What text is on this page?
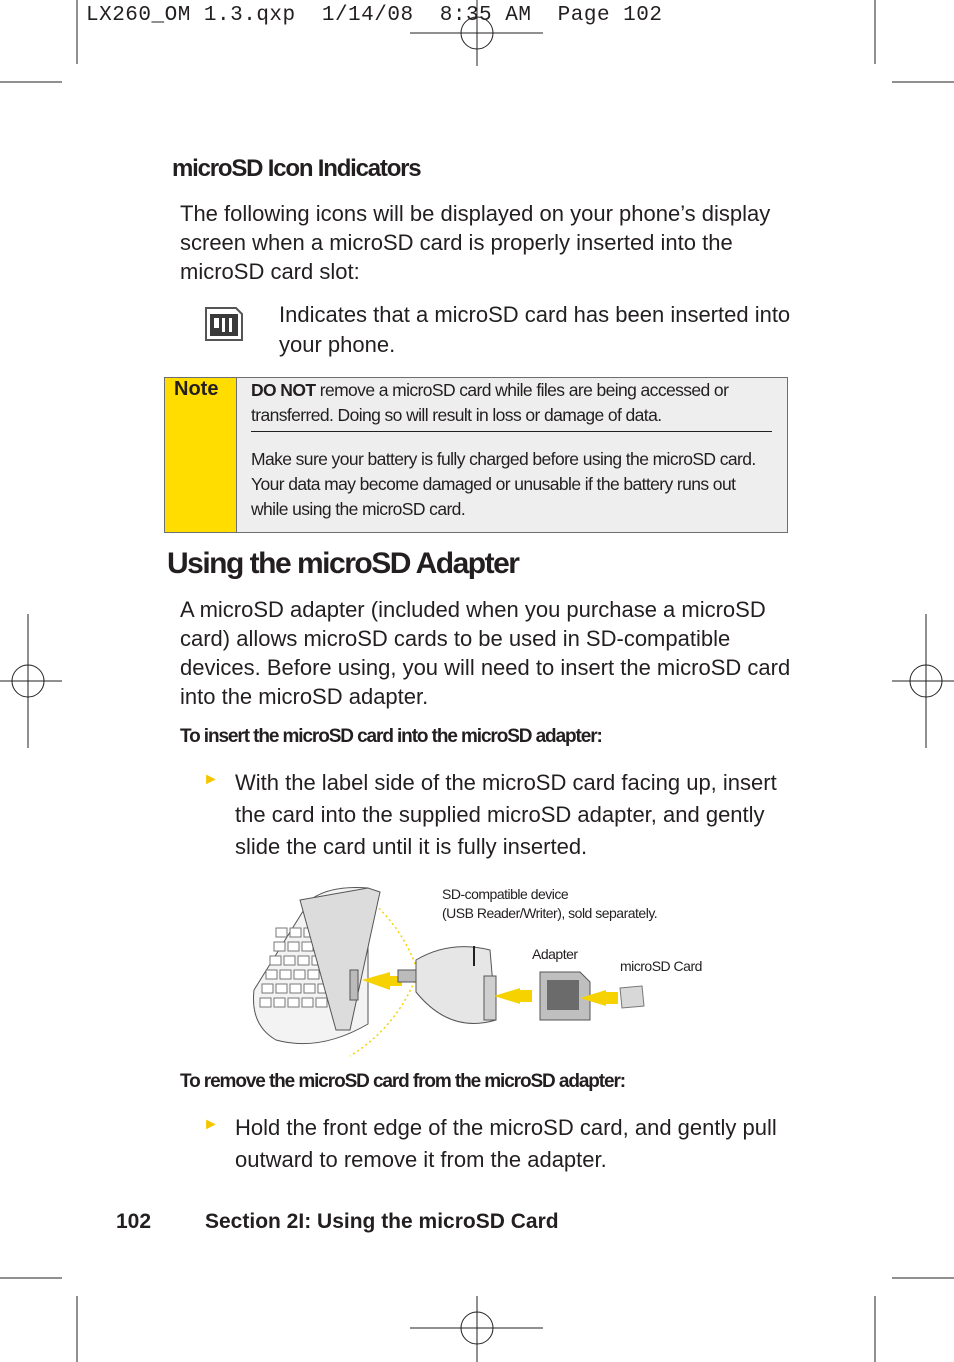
LX260_OM 1.3.qxp  1/14/08  8:35 AM  Page 102
microSD Icon Indicators
The following icons will be displayed on your phone’s display screen when a microSD card is properly inserted into the microSD card slot:
Indicates that a microSD card has been inserted into your phone.
Note DO NOT remove a microSD card while files are being accessed or transferred. Doing so will result in loss or damage of data.
Make sure your battery is fully charged before using the microSD card. Your data may become damaged or unusable if the battery runs out while using the microSD card.
Using the microSD Adapter
A microSD adapter (included when you purchase a microSD card) allows microSD cards to be used in SD-compatible devices. Before using, you will need to insert the microSD card into the microSD adapter.
To insert the microSD card into the microSD adapter:
► With the label side of the microSD card facing up, insert the card into the supplied microSD adapter, and gently slide the card until it is fully inserted.
SD-compatible device
(USB Reader/Writer), sold separately.
Adapter
microSD Card
To remove the microSD card from the microSD adapter:
► Hold the front edge of the microSD card, and gently pull outward to remove it from the adapter.
102	Section 2I: Using the microSD Card
